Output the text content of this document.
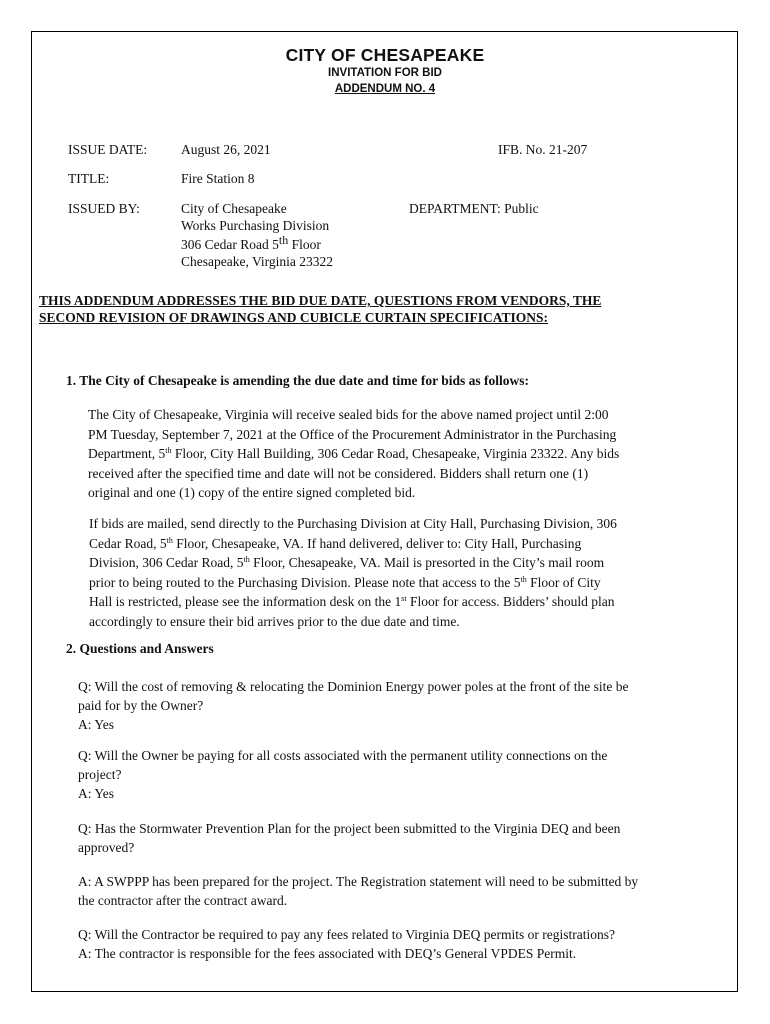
CITY OF CHESAPEAKE
INVITATION FOR BID
ADDENDUM NO. 4
ISSUE DATE:	August 26, 2021	IFB. No. 21-207
TITLE:	Fire Station 8
ISSUED BY:	City of Chesapeake
Works Purchasing Division
306 Cedar Road 5th Floor
Chesapeake, Virginia 23322
DEPARTMENT: Public
THIS ADDENDUM ADDRESSES THE BID DUE DATE, QUESTIONS FROM VENDORS, THE
SECOND REVISION OF DRAWINGS AND CUBICLE CURTAIN SPECIFICATIONS:
1. The City of Chesapeake is amending the due date and time for bids as follows:
The City of Chesapeake, Virginia will receive sealed bids for the above named project until 2:00
PM Tuesday, September 7, 2021 at the Office of the Procurement Administrator in the Purchasing
Department, 5th Floor, City Hall Building, 306 Cedar Road, Chesapeake, Virginia 23322. Any bids
received after the specified time and date will not be considered. Bidders shall return one (1)
original and one (1) copy of the entire signed completed bid.
If bids are mailed, send directly to the Purchasing Division at City Hall, Purchasing Division, 306
Cedar Road, 5th Floor, Chesapeake, VA. If hand delivered, deliver to: City Hall, Purchasing
Division, 306 Cedar Road, 5th Floor, Chesapeake, VA. Mail is presorted in the City’s mail room
prior to being routed to the Purchasing Division. Please note that access to the 5th Floor of City
Hall is restricted, please see the information desk on the 1st Floor for access. Bidders’ should plan
accordingly to ensure their bid arrives prior to the due date and time.
2. Questions and Answers
Q: Will the cost of removing & relocating the Dominion Energy power poles at the front of the site be
paid for by the Owner?
A: Yes
Q: Will the Owner be paying for all costs associated with the permanent utility connections on the
project?
A: Yes
Q: Has the Stormwater Prevention Plan for the project been submitted to the Virginia DEQ and been
approved?
A: A SWPPP has been prepared for the project. The Registration statement will need to be submitted by
the contractor after the contract award.
Q: Will the Contractor be required to pay any fees related to Virginia DEQ permits or registrations?
A: The contractor is responsible for the fees associated with DEQ’s General VPDES Permit.
